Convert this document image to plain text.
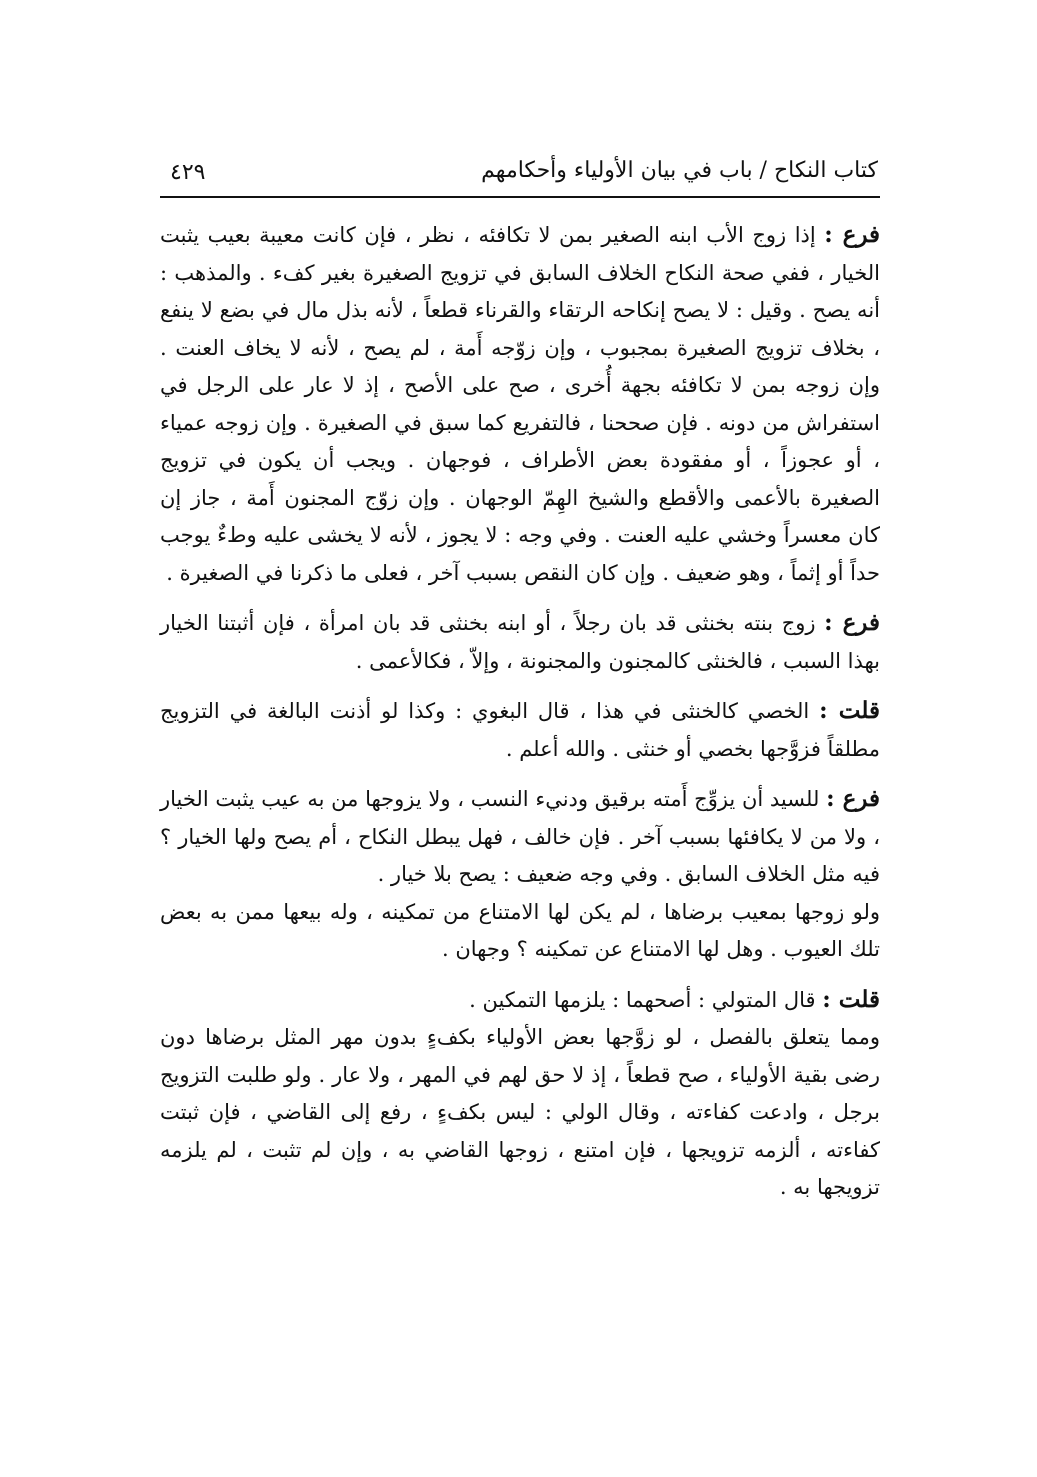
كتاب النكاح / باب في بيان الأولياء وأحكامهم
٤٢٩

فرع : إذا زوج الأب ابنه الصغير بمن لا تكافئه ، نظر ، فإن كانت معيبة بعيب يثبت الخيار ، ففي صحة النكاح الخلاف السابق في تزويج الصغيرة بغير كفء . والمذهب : أنه يصح . وقيل : لا يصح إنكاحه الرتقاء والقرناء قطعاً ، لأنه بذل مال في بضع لا ينفع ، بخلاف تزويج الصغيرة بمجبوب ، وإن زوّجه أَمة ، لم يصح ، لأنه لا يخاف العنت . وإن زوجه بمن لا تكافئه بجهة أُخرى ، صح على الأصح ، إذ لا عار على الرجل في استفراش من دونه . فإن صححنا ، فالتفريع كما سبق في الصغيرة . وإن زوجه عمياء ، أو عجوزاً ، أو مفقودة بعض الأطراف ، فوجهان . ويجب أن يكون في تزويج الصغيرة بالأعمى والأقطع والشيخ الهِمّ الوجهان . وإن زوّج المجنون أَمة ، جاز إن كان معسراً وخشي عليه العنت . وفي وجه : لا يجوز ، لأنه لا يخشى عليه وطءٌ يوجب حداً أو إثماً ، وهو ضعيف . وإن كان النقص بسبب آخر ، فعلى ما ذكرنا في الصغيرة .

فرع : زوج بنته بخنثى قد بان رجلاً ، أو ابنه بخنثى قد بان امرأة ، فإن أثبتنا الخيار بهذا السبب ، فالخنثى كالمجنون والمجنونة ، وإلاّ ، فكالأعمى .

قلت : الخصي كالخنثى في هذا ، قال البغوي : وكذا لو أذنت البالغة في التزويج مطلقاً فزوَّجها بخصي أو خنثى . والله أعلم .

فرع : للسيد أن يزوِّج أَمته برقيق ودنيء النسب ، ولا يزوجها من به عيب يثبت الخيار ، ولا من لا يكافئها بسبب آخر . فإن خالف ، فهل يبطل النكاح ، أم يصح ولها الخيار ؟ فيه مثل الخلاف السابق . وفي وجه ضعيف : يصح بلا خيار .

ولو زوجها بمعيب برضاها ، لم يكن لها الامتناع من تمكينه ، وله بيعها ممن به بعض تلك العيوب . وهل لها الامتناع عن تمكينه ؟ وجهان .

قلت : قال المتولي : أصحهما : يلزمها التمكين .

ومما يتعلق بالفصل ، لو زوَّجها بعض الأولياء بكفءٍ بدون مهر المثل برضاها دون رضى بقية الأولياء ، صح قطعاً ، إذ لا حق لهم في المهر ، ولا عار . ولو طلبت التزويج برجل ، وادعت كفاءته ، وقال الولي : ليس بكفءٍ ، رفع إلى القاضي ، فإن ثبتت كفاءته ، ألزمه تزويجها ، فإن امتنع ، زوجها القاضي به ، وإن لم تثبت ، لم يلزمه تزويجها به .
